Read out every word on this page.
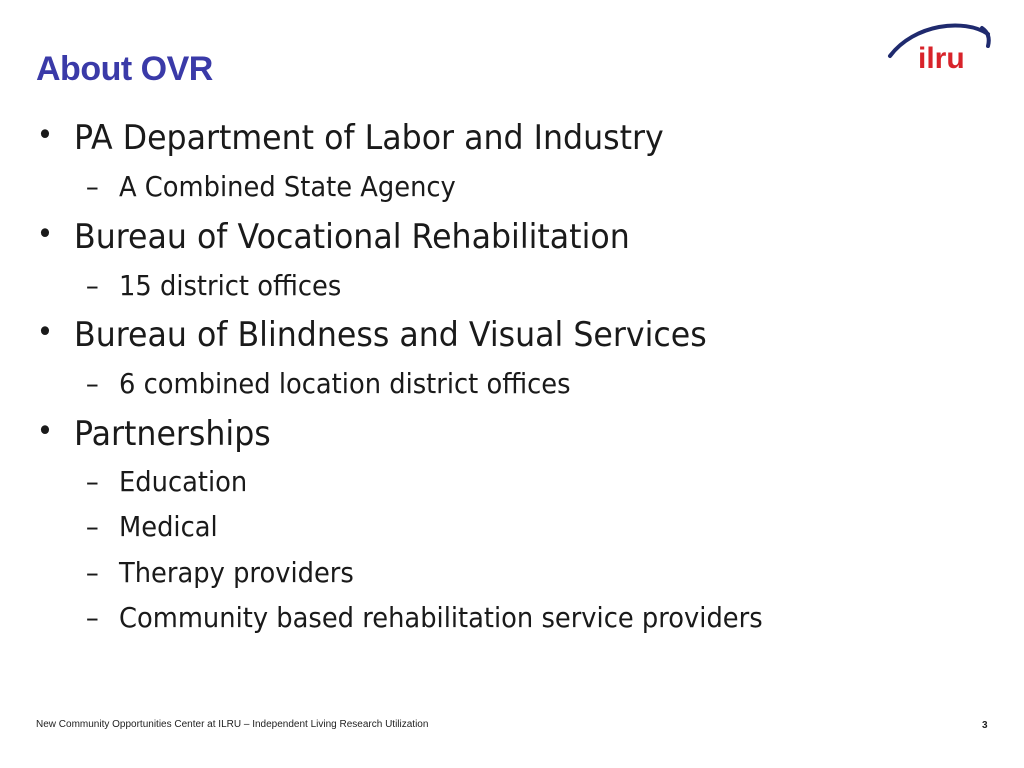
About OVR	ilru
• PA Department of Labor and Industry
– A Combined State Agency
• Bureau of Vocational Rehabilitation
– 15 district offices
• Bureau of Blindness and Visual Services
– 6 combined location district offices
• Partnerships
– Education
– Medical
– Therapy providers
– Community based rehabilitation service providers
New Community Opportunities Center at ILRU – Independent Living Research Utilization	3
